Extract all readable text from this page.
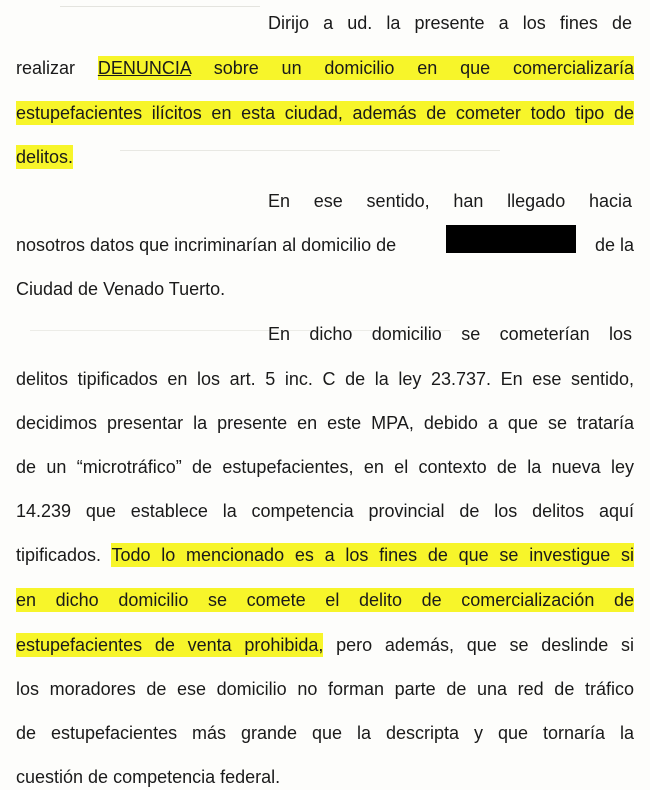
Dirijo a ud. la presente a los fines de
realizar DENUNCIA sobre un domicilio en que comercializaría
estupefacientes ilícitos en esta ciudad, además de cometer todo tipo de
delitos.
En ese sentido, han llegado hacia
nosotros datos que incriminarían al domicilio de	de la
Ciudad de Venado Tuerto.
En dicho domicilio se cometerían los
delitos tipificados en los art. 5 inc. C de la ley 23.737. En ese sentido,
decidimos presentar la presente en este MPA, debido a que se trataría
de un “microtráfico” de estupefacientes, en el contexto de la nueva ley
14.239 que establece la competencia provincial de los delitos aquí
tipificados. Todo lo mencionado es a los fines de que se investigue si
en dicho domicilio se comete el delito de comercialización de
estupefacientes de venta prohibida, pero además, que se deslinde si
los moradores de ese domicilio no forman parte de una red de tráfico
de estupefacientes más grande que la descripta y que tornaría la
cuestión de competencia federal.
